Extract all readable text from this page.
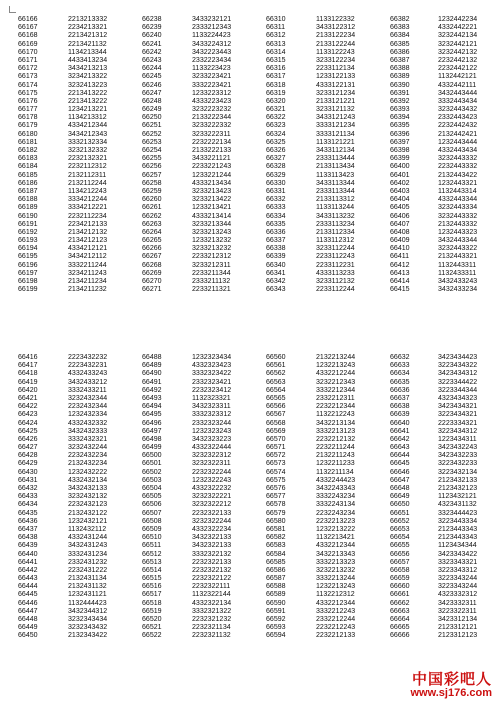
66166	2213213332	66238	3433232121	66310	1133122332	66382	1232442234
66167	2234213321	66239	2333212343	66311	3433122312	66383	4332442221
66168	2213421312	66240	1133224423	66312	2133122234	66384	3232442134
66169	2213421132	66241	3433224312	66313	2133122244	66385	3232442121
66170	1134213344	66242	3432223443	66314	1133122243	66386	3232442132
66171	4433413234	66243	2332223434	66315	3233122234	66387	2232442132
66172	3434213213	66244	1133223423	66316	2233112134	66388	2232442122
66173	3234213322	66245	3233223421	66317	1233122133	66389	1132442121
66174	3232413223	66246	3332223421	66318	4333122131	66390	4332442111
66175	2213413222	66247	1233223312	66319	3233121234	66391	3432443444
66176	2213413222	66248	4333223423	66320	2133121221	66392	3332443434
66177	1234213221	66249	3232223232	66321	3233121132	66393	3232443432
66178	1134213312	66250	2133222344	66322	3433121243	66394	2332443423
66179	4334212344	66251	3233222332	66323	3333121234	66395	2232442432
66180	3434212343	66252	3233222311	66324	3333121134	66396	2132442421
66181	3332132334	66253	2232222134	66325	1133121221	66397	1232443444
66182	3232132332	66254	2133222133	66326	3433112134	66398	4332443434
66183	2232132321	66255	3433221121	66327	2333113444	66399	3232443332
66184	2232112312	66256	2233221243	66328	2133113434	66400	2232443332
66185	2132112311	66257	1233221244	66329	1133113423	66401	2132443422
66186	2132112244	66258	4333213434	66330	3433113344	66402	1232443321
66187	1134212243	66259	3233213423	66331	2333113344	66403	1132443314
66188	3334212244	66260	3233213422	66332	2133113312	66404	4332443344
66189	3334212221	66261	1233213421	66333	1133113244	66405	3232443334
66190	2232112234	66262	4333213414	66334	3433113232	66406	3232443332
66191	2234212133	66263	3233213344	66335	2333113234	66407	2132443332
66192	2134212132	66264	3233213243	66336	2133112334	66408	1232443323
66193	2134212123	66265	1233213232	66337	1133112312	66409	3432443344
66194	4334212121	66266	3233213232	66338	3233112244	66410	3232443322
66195	3434212112	66267	2233212312	66339	2233112243	66411	2132443321
66196	3332211244	66268	3233212311	66340	2233112231	66412	1132443311
66197	3234211243	66269	2233211344	66341	4333113233	66413	1132433311
66198	2134211234	66270	2333211132	66342	3233112132	66414	3432433243
66199	2134211232	66271	2233211321	66343	2233112244	66415	3432433234
66416	2223432232	66488	1232323434	66560	2132213244	66632	3423434423
66417	2223432231	66489	4332323423	66561	1232213243	66633	3223434322
66418	4332433243	66490	3332323422	66562	4332212244	66634	3423434312
66419	3432433212	66491	2332323421	66563	3232212343	66635	3223344422
66420	3332433211	66492	2232323412	66564	3332212344	66636	3223344344
66421	3232432344	66493	1132323321	66565	2332212311	66637	4323434323
66422	2232432344	66494	3432323311	66566	2232212344	66638	3423434321
66423	1232432334	66495	3332323312	66567	1132212243	66639	3223434321
66424	4332432332	66496	2332323244	66568	3432213134	66640	2223334321
66425	3432432333	66497	1232323243	66569	3332213123	66641	3223434312
66426	3332432321	66498	3432323223	66570	2232212132	66642	1223434311
66427	3232432244	66499	4332322444	66571	2232211244	66643	3423432243
66428	2232432234	66500	3232322312	66572	2132211243	66644	3423432233
66429	2132432234	66501	3232322311	66573	1232211233	66645	3223432233
66430	1232432222	66502	2232322244	66574	1132211134	66646	3223432134
66431	4332432134	66503	1232322243	66575	4332244423	66647	2123432133
66432	3432432133	66504	4332322232	66576	3432243343	66648	2123432123
66433	3232432132	66505	3232322221	66577	3332243234	66649	1123432121
66434	2232432123	66506	3232322212	66578	3332243134	66650	4323431132
66435	2132432122	66507	2232322133	66579	2232243234	66651	3323444423
66436	1232432121	66508	3232322244	66580	2232213223	66652	3223443334
66437	1132432112	66509	4332322234	66581	1232213222	66653	2123443343
66438	4332431244	66510	3432322133	66582	1132213421	66654	2123443343
66439	3432431243	66511	3432322133	66583	4332212344	66655	1123434344
66440	3332431234	66512	3332322132	66584	3432213343	66656	3423343422
66441	2332431232	66513	2232322133	66585	3332213323	66657	3323343321
66442	2232431222	66514	2232322132	66586	3232213232	66658	3223343312
66443	2132431134	66515	2232322122	66587	3332213244	66659	3223343244
66444	2132431132	66516	2232322111	66588	1232213243	66660	3223343244
66445	1232431121	66517	1132322144	66589	1132212312	66661	4323332312
66446	1132444423	66518	4332322134	66590	4332212344	66662	3423332311
66447	3432344312	66519	3332321322	66591	3332212243	66663	3223322311
66448	3232343434	66520	2232321232	66592	2332212244	66664	3423312134
66449	3232343432	66521	2232321134	66593	2232212243	66665	2123312121
66450	2132343422	66522	2232321132	66594	2232212133	66666	2123312123
中国彩吧人
www.sj176.com
